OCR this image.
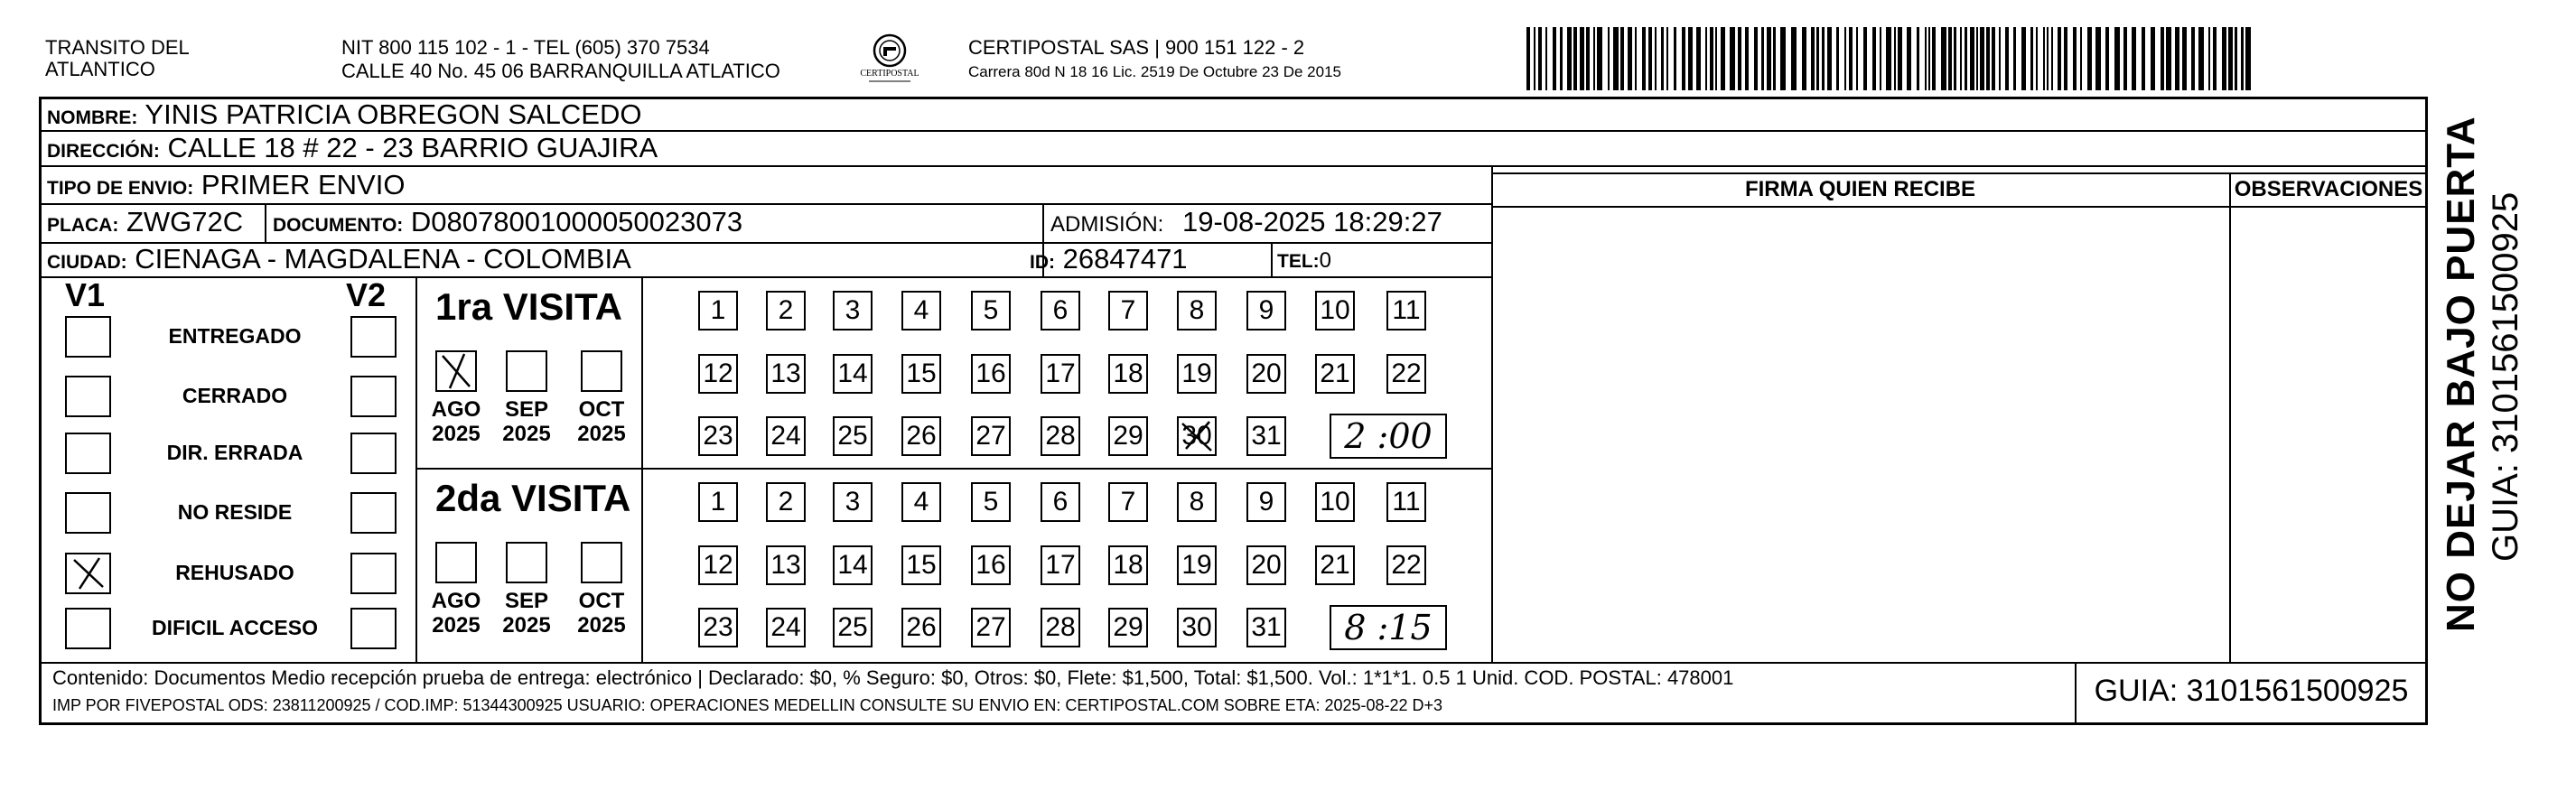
TRANSITO DEL
ATLANTICO
NIT 800 115 102 - 1 - TEL (605) 370 7534
CALLE 40 No. 45 06 BARRANQUILLA ATLATICO	CERTIPOSTAL
CERTIPOSTAL SAS | 900 151 122 - 2
Carrera 80d N 18 16 Lic. 2519 De Octubre 23 De 2015
NOMBRE: YINIS PATRICIA OBREGON SALCEDO
DIRECCIÓN: CALLE 18 # 22 - 23 BARRIO GUAJIRA
TIPO DE ENVIO: PRIMER ENVIO	FIRMA QUIEN RECIBE	OBSERVACIONES
PLACA: ZWG72C DOCUMENTO: D08078001000050023073	ADMISIÓN: 19-08-2025 18:29:27
CIUDAD: CIENAGA - MAGDALENA - COLOMBIA	ID: 26847471	TEL:0
V1	V2
ENTREGADO
CERRADO
DIR. ERRADA
NO RESIDE
REHUSADO
DIFICIL ACCESO
1ra VISITA
AGO
2025
SEP
2025
OCT
2025
1 2 3 4 5 6 7 8 9 10 11
12 13 14 15 16 17 18 19 20 21 22
23 24 25 26 27 28 29 30 31	2 :00
2da VISITA
AGO
2025
SEP
2025
OCT
2025
1 2 3 4 5 6 7 8 9 10 11
12 13 14 15 16 17 18 19 20 21 22
23 24 25 26 27 28 29 30 31	8 :15
Contenido: Documentos Medio recepción prueba de entrega: electrónico | Declarado: $0, % Seguro: $0, Otros: $0, Flete: $1,500, Total: $1,500. Vol.: 1*1*1. 0.5 1 Unid. COD. POSTAL: 478001
IMP POR FIVEPOSTAL ODS: 23811200925 / COD.IMP: 51344300925 USUARIO: OPERACIONES MEDELLIN CONSULTE SU ENVIO EN: CERTIPOSTAL.COM SOBRE ETA: 2025-08-22 D+3	GUIA: 3101561500925
NO DEJAR BAJO PUERTA GUIA: 3101561500925
